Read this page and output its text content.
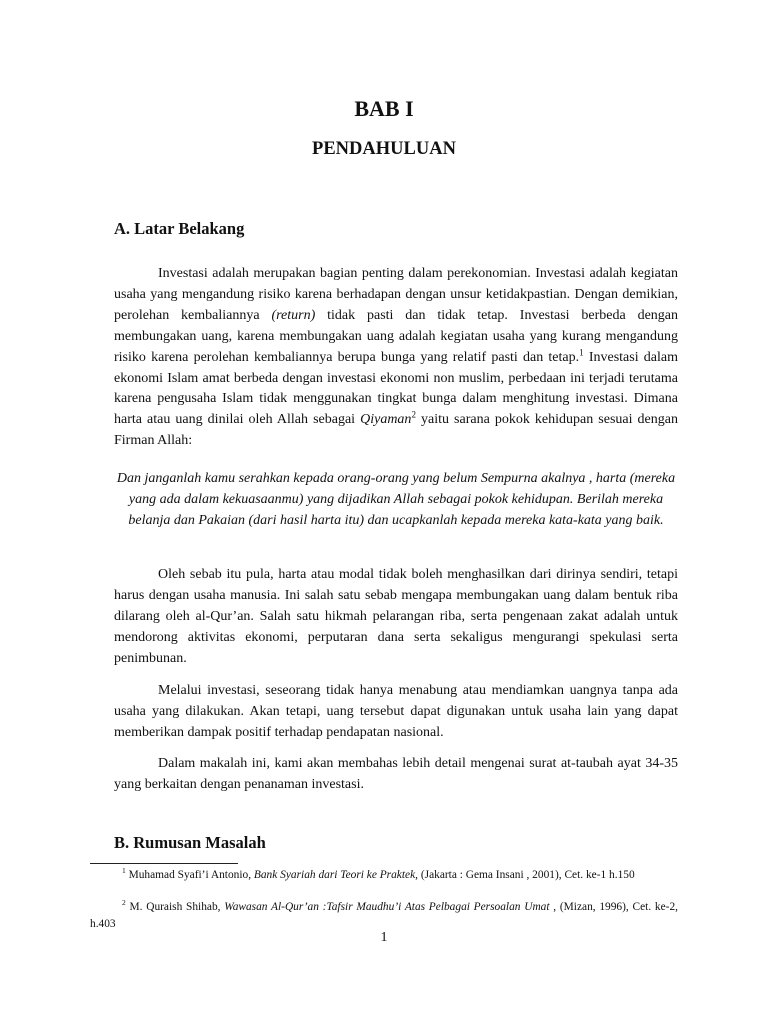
BAB I
PENDAHULUAN
A. Latar Belakang

Investasi adalah merupakan bagian penting dalam perekonomian. Investasi adalah kegiatan usaha yang mengandung risiko karena berhadapan dengan unsur ketidakpastian. Dengan demikian, perolehan kembaliannya (return) tidak pasti dan tidak tetap. Investasi berbeda dengan membungakan uang, karena membungakan uang adalah kegiatan usaha yang kurang mengandung risiko karena perolehan kembaliannya berupa bunga yang relatif pasti dan tetap.$^1$ Investasi dalam ekonomi Islam amat berbeda dengan investasi ekonomi non muslim, perbedaan ini terjadi terutama karena pengusaha Islam tidak menggunakan tingkat bunga dalam menghitung investasi. Dimana harta atau uang dinilai oleh Allah sebagai Qiyaman$^2$ yaitu sarana pokok kehidupan sesuai dengan Firman Allah:

Dan janganlah kamu serahkan kepada orang-orang yang belum Sempurna akalnya , harta (mereka yang ada dalam kekuasaanmu) yang dijadikan Allah sebagai pokok kehidupan. Berilah mereka belanja dan Pakaian (dari hasil harta itu) dan ucapkanlah kepada mereka kata-kata yang baik.

Oleh sebab itu pula, harta atau modal tidak boleh menghasilkan dari dirinya sendiri, tetapi harus dengan usaha manusia. Ini salah satu sebab mengapa membungakan uang dalam bentuk riba dilarang oleh al-Qur’an. Salah satu hikmah pelarangan riba, serta pengenaan zakat adalah untuk mendorong aktivitas ekonomi, perputaran dana serta sekaligus mengurangi spekulasi serta penimbunan.

Melalui investasi, seseorang tidak hanya menabung atau mendiamkan uangnya tanpa ada usaha yang dilakukan. Akan tetapi, uang tersebut dapat digunakan untuk usaha lain yang dapat memberikan dampak positif terhadap pendapatan nasional.

Dalam makalah ini, kami akan membahas lebih detail mengenai surat at-taubah ayat 34-35 yang berkaitan dengan penanaman investasi.

B. Rumusan Masalah

$^1$ Muhamad Syafi’i Antonio, Bank Syariah dari Teori ke Praktek, (Jakarta : Gema Insani , 2001), Cet. ke-1 h.150

$^2$ M. Quraish Shihab, Wawasan Al-Qur’an :Tafsir Maudhu’i Atas Pelbagai Persoalan Umat , (Mizan, 1996), Cet. ke-2, h.403

1
